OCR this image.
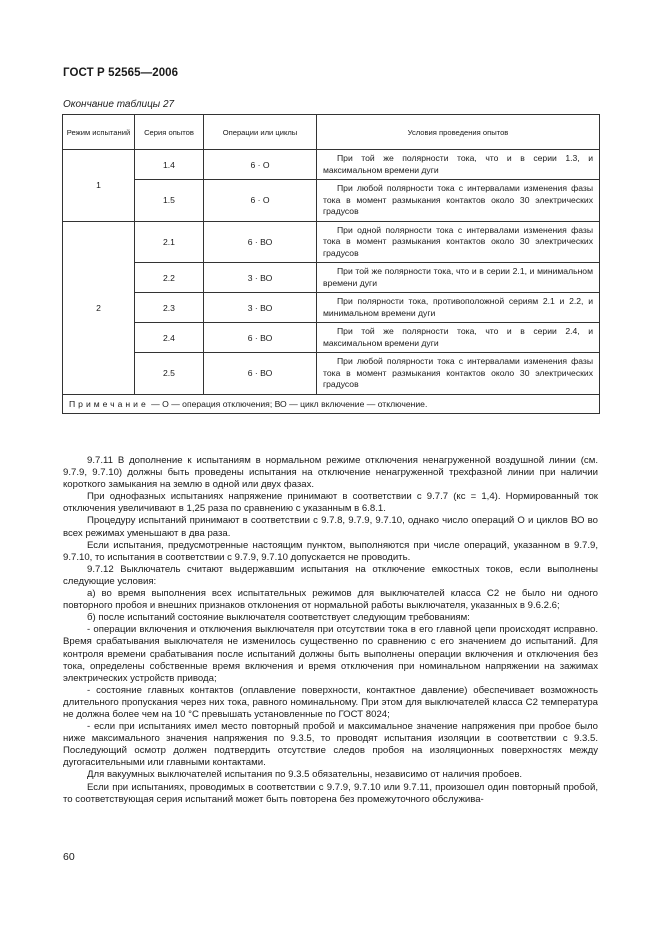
ГОСТ Р 52565—2006
Окончание таблицы 27
Режим испытаний	Серия опытов	Операции или циклы	Условия проведения опытов
1	1.4	6 · О	При той же полярности тока, что и в серии 1.3, и максимальном времени дуги
	1.5	6 · О	При любой полярности тока с интервалами изменения фазы тока в момент размыкания контактов около 30 электрических градусов
2	2.1	6 · ВО	При одной полярности тока с интервалами изменения фазы тока в момент размыкания контактов около 30 электрических градусов
	2.2	3 · ВО	При той же полярности тока, что и в серии 2.1, и минимальном времени дуги
	2.3	3 · ВО	При полярности тока, противоположной сериям 2.1 и 2.2, и минимальном времени дуги
	2.4	6 · ВО	При той же полярности тока, что и в серии 2.4, и максимальном времени дуги
	2.5	6 · ВО	При любой полярности тока с интервалами изменения фазы тока в момент размыкания контактов около 30 электрических градусов
Примечание — О — операция отключения; ВО — цикл включение — отключение.			

9.7.11 В дополнение к испытаниям в нормальном режиме отключения ненагруженной воздушной линии (см. 9.7.9, 9.7.10) должны быть проведены испытания на отключение ненагруженной трехфазной линии при наличии короткого замыкания на землю в одной или двух фазах.

При однофазных испытаниях напряжение принимают в соответствии с 9.7.7 (кс = 1,4). Нормированный ток отключения увеличивают в 1,25 раза по сравнению с указанным в 6.8.1.

Процедуру испытаний принимают в соответствии с 9.7.8, 9.7.9, 9.7.10, однако число операций О и циклов ВО во всех режимах уменьшают в два раза.

Если испытания, предусмотренные настоящим пунктом, выполняются при числе операций, указанном в 9.7.9, 9.7.10, то испытания в соответствии с 9.7.9, 9.7.10 допускается не проводить.

9.7.12 Выключатель считают выдержавшим испытания на отключение емкостных токов, если выполнены следующие условия:

а) во время выполнения всех испытательных режимов для выключателей класса С2 не было ни одного повторного пробоя и внешних признаков отклонения от нормальной работы выключателя, указанных в 9.6.2.6;

б) после испытаний состояние выключателя соответствует следующим требованиям:

- операции включения и отключения выключателя при отсутствии тока в его главной цепи происходят исправно. Время срабатывания выключателя не изменилось существенно по сравнению с его значением до испытаний. Для контроля времени срабатывания после испытаний должны быть выполнены операции включения и отключения без тока, определены собственные время включения и время отключения при номинальном напряжении на зажимах электрических устройств привода;

- состояние главных контактов (оплавление поверхности, контактное давление) обеспечивает возможность длительного пропускания через них тока, равного номинальному. При этом для выключателей класса С2 температура не должна более чем на 10 °С превышать установленные по ГОСТ 8024;

- если при испытаниях имел место повторный пробой и максимальное значение напряжения при пробое было ниже максимального значения напряжения по 9.3.5, то проводят испытания изоляции в соответствии с 9.3.5. Последующий осмотр должен подтвердить отсутствие следов пробоя на изоляционных поверхностях между дугогасительными или главными контактами.

Для вакуумных выключателей испытания по 9.3.5 обязательны, независимо от наличия пробоев.

Если при испытаниях, проводимых в соответствии с 9.7.9, 9.7.10 или 9.7.11, произошел один повторный пробой, то соответствующая серия испытаний может быть повторена без промежуточного обслужива-

60
